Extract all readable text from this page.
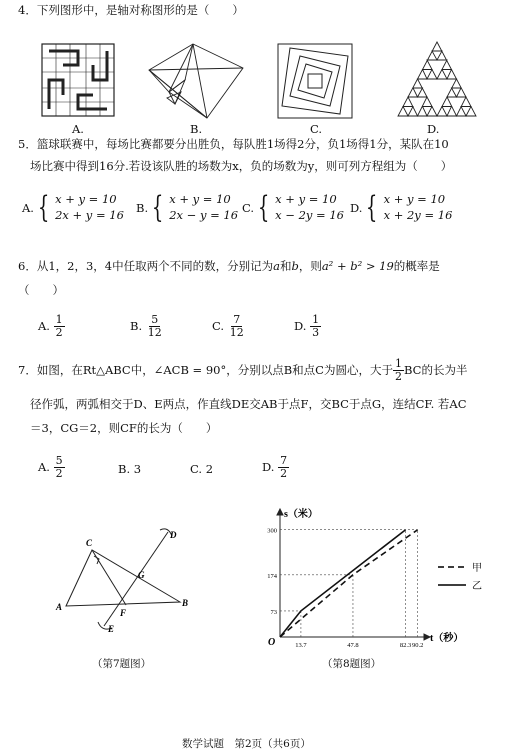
4．下列图形中，是轴对称图形的是（　　）
A.	B.	C.	D.
5．篮球联赛中，每场比赛都要分出胜负，每队胜1场得2分，负1场得1分，某队在10
场比赛中得到16分.若设该队胜的场数为x，负的场数为y，则可列方程组为（　　）
A. { x + y = 10
2x + y = 16 B. { x + y = 10
2x − y = 16 C. { x + y = 10
x − 2y = 16 D. { x + y = 10
x + 2y = 16
6．从1，2，3，4中任取两个不同的数，分别记为a和b，则a² + b² > 19的概率是
（　　）
A.
$\frac{1}{2}$	B.
$\frac{5}{12}$	C.
$\frac{7}{12}$	D.
$\frac{1}{3}$
7．如图，在Rt△ABC中，∠ACB = 90°，分别以点B和点C为圆心，大于 $\frac{1}{2}$ BC的长为半
径作弧，两弧相交于D、E两点，作直线DE交AB于点F，交BC于点G，连结CF. 若AC
＝3，CG＝2，则CF的长为（　　）
A.
$\frac{5}{2}$	B.
3	C.
2	D.
$\frac{7}{2}$
A
C
B
D
E
F
G
（第7题图）
73
174
300
13.7	47.8	82.3 90.2
s（米）
t（秒）
O
甲
乙
（第8题图）
数学试题　第2页（共6页）
